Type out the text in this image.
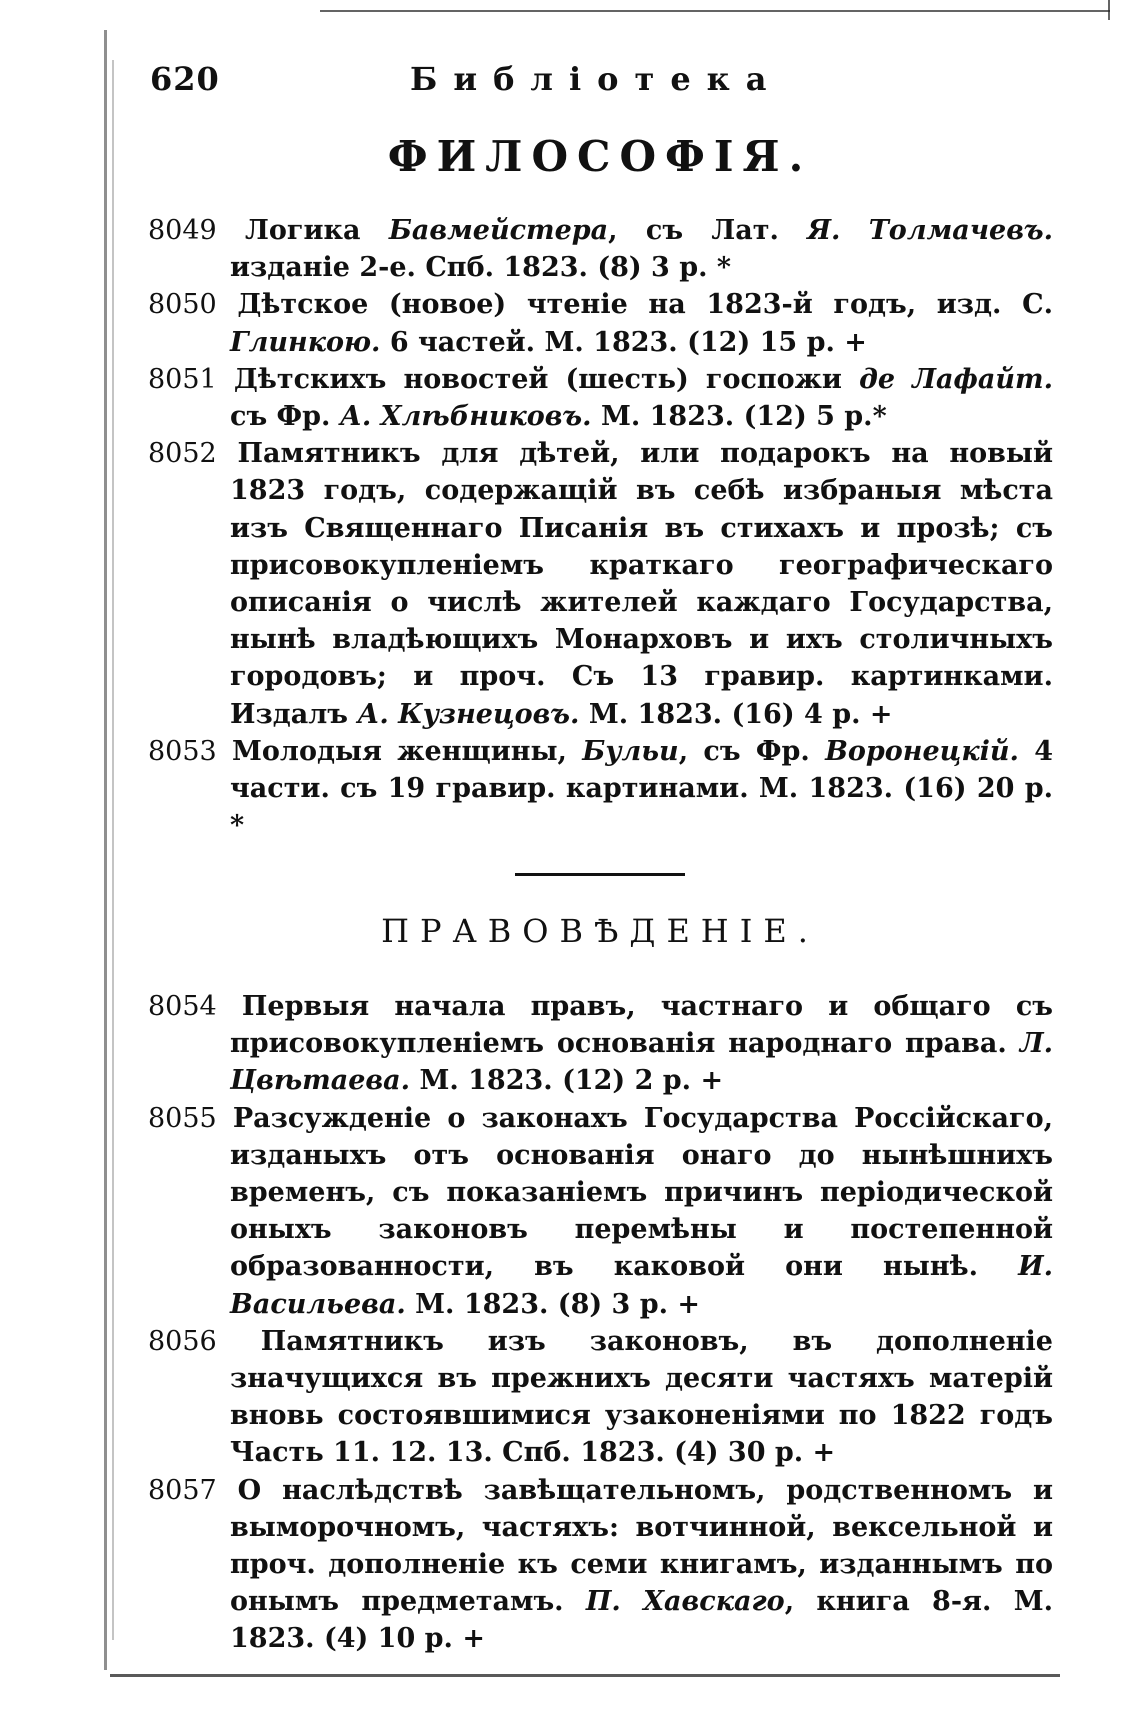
620	Библіотека
ФИЛОСОФІЯ.

8049 Логика Бавмейстера, съ Лат. Я. Толмачевъ. изданіе 2-е. Спб. 1823. (8) 3 р. *

8050 Дѣтское (новое) чтеніе на 1823-й годъ, изд. С. Глинкою. 6 частей. М. 1823. (12) 15 р. +

8051 Дѣтскихъ новостей (шесть) госпожи де Лафайт. съ Фр. А. Хлѣбниковъ. М. 1823. (12) 5 р.*

8052 Памятникъ для дѣтей, или подарокъ на новый 1823 годъ, содержащій въ себѣ избраныя мѣста изъ Священнаго Писанія въ стихахъ и прозѣ; съ присовокупленіемъ краткаго географическаго описанія о числѣ жителей каждаго Государства, нынѣ владѣющихъ Монарховъ и ихъ столичныхъ городовъ; и проч. Съ 13 гравир. картинками. Издалъ А. Кузнецовъ. М. 1823. (16) 4 р. +

8053 Молодыя женщины, Бульи, съ Фр. Воронецкій. 4 части. съ 19 гравир. картинами. М. 1823. (16) 20 р. *

ПРАВОВѢДЕНІЕ.

8054 Первыя начала правъ, частнаго и общаго съ присовокупленіемъ основанія народнаго права. Л. Цвѣтаева. М. 1823. (12) 2 р. +

8055 Разсужденіе о законахъ Государства Россійскаго, изданыхъ отъ основанія онаго до нынѣшнихъ временъ, съ показаніемъ причинъ періодической оныхъ законовъ перемѣны и постепенной образованности, въ каковой они нынѣ. И. Васильева. М. 1823. (8) 3 р. +

8056 Памятникъ изъ законовъ, въ дополненіе значущихся въ прежнихъ десяти частяхъ матерій вновь состоявшимися узаконеніями по 1822 годъ Часть 11. 12. 13. Спб. 1823. (4) 30 р. +

8057 О наслѣдствѣ завѣщательномъ, родственномъ и выморочномъ, частяхъ: вотчинной, вексельной и проч. дополненіе къ семи книгамъ, изданнымъ по онымъ предметамъ. П. Хавскаго, книга 8-я. М. 1823. (4) 10 р. +
